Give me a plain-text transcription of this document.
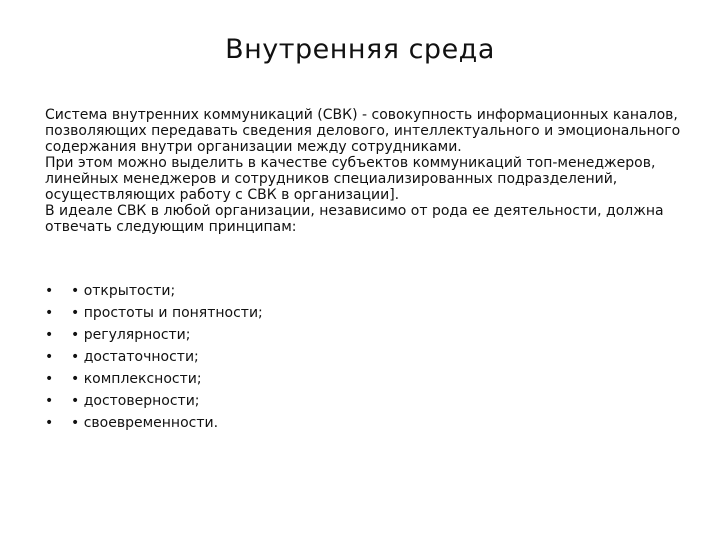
Внутренняя среда

Система внутренних коммуникаций (СВК) - совокупность информационных каналов, позволяющих передавать сведения делового, интеллектуального и эмоционального содержания внутри организации между сотрудниками.

При этом можно выделить в качестве субъектов коммуникаций топ-менеджеров, линейных менеджеров и сотрудников специализированных подразделений, осуществляющих работу с СВК в организации].

В идеале СВК в любой организации, независимо от рода ее деятельности, должна отвечать следующим принципам:

• • открытости;
• • простоты и понятности;
• • регулярности;
• • достаточности;
• • комплексности;
• • достоверности;
• • своевременности.
